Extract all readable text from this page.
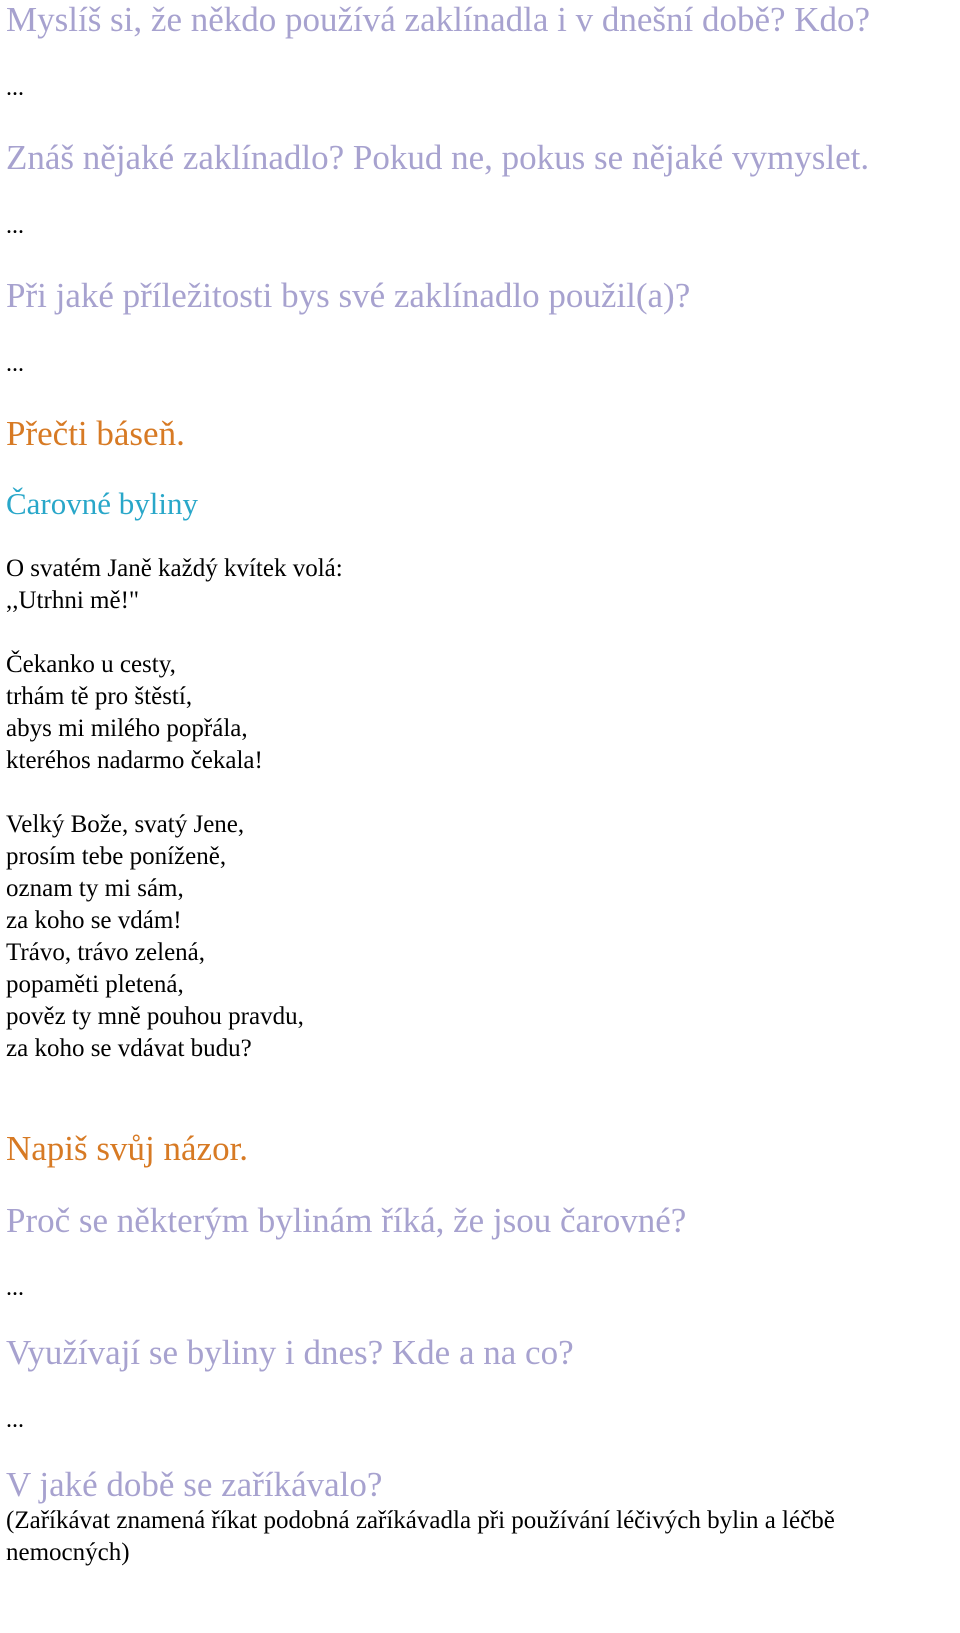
Myslíš si, že někdo používá zaklínadla i v dnešní době? Kdo?
...
Znáš nějaké zaklínadlo? Pokud ne, pokus se nějaké vymyslet.
...
Při jaké příležitosti bys své zaklínadlo použil(a)?
...
Přečti báseň.
Čarovné byliny
O svatém Janě každý kvítek volá:
,,Utrhni mě!"
Čekanko u cesty,
trhám tě pro štěstí,
abys mi milého popřála,
kteréhos nadarmo čekala!
Velký Bože, svatý Jene,
prosím tebe poníženě,
oznam ty mi sám,
za koho se vdám!
Trávo, trávo zelená,
popaměti pletená,
pověz ty mně pouhou pravdu,
za koho se vdávat budu?
Napiš svůj názor.
Proč se některým bylinám říká, že jsou čarovné?
...
Využívají se byliny i dnes? Kde a na co?
...
V jaké době se zaříkávalo?
(Zaříkávat znamená říkat podobná zaříkávadla při používání léčivých bylin a léčbě
nemocných)
